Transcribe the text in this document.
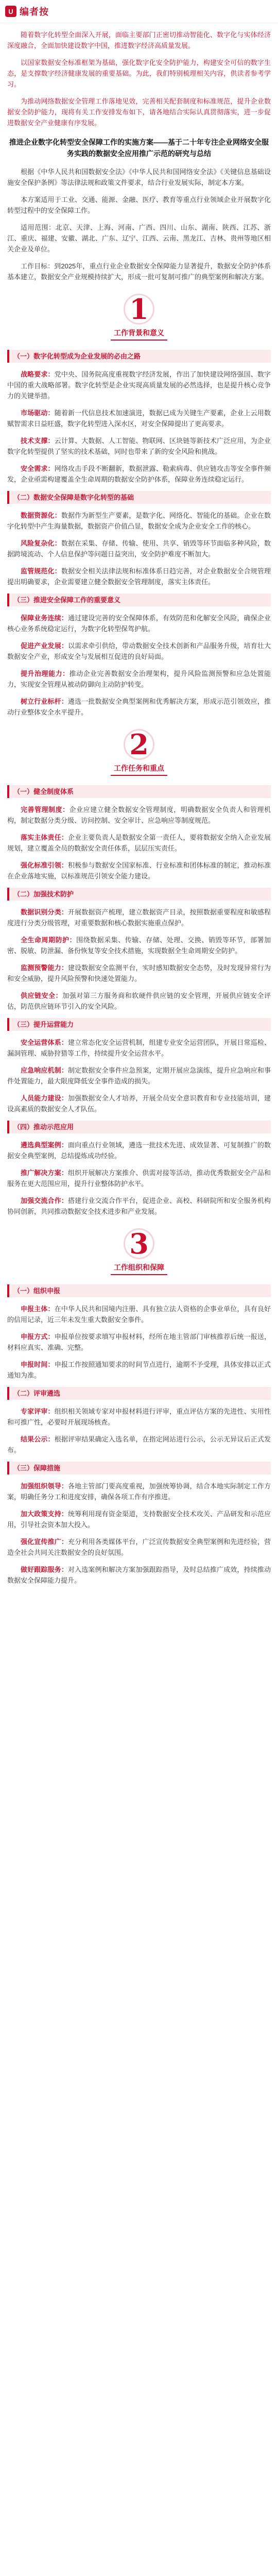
U 编者按

随着数字化转型全面深入开展，面临主要部门正密切推动智能化、数字化与实体经济深度融合，全面加快建设数字中国，推进数字经济高质量发展。

以国家数据安全标准框架为基础，强化数字化安全防护能力，构建安全可信的数字生态，是支撑数字经济健康发展的重要基础。为此，我们特别梳理相关内容，供读者参考学习。

为推动网络数据安全管理工作落地见效，完善相关配套制度和标准规范，提升企业数据安全防护能力，现将有关工作安排发布如下，请各地结合实际认真贯彻落实，进一步促进数据安全产业健康有序发展。

推进企业数字化转型安全保障工作的实施方案——基于二十年专注企业网络安全服务实践的数据安全应用推广示范的研究与总结

根据《中华人民共和国数据安全法》《中华人民共和国网络安全法》《关键信息基础设施安全保护条例》等法律法规和政策文件要求，结合行业发展实际，制定本方案。

本方案适用于工业、交通、能源、金融、医疗、教育等重点行业领域企业开展数字化转型过程中的安全保障工作。

适用范围：北京、天津、上海、河南、广西、四川、山东、湖南、陕西、江苏、浙江、重庆、福建、安徽、湖北、广东、辽宁、江西、云南、黑龙江、吉林、贵州等地区相关企业及单位。

工作目标：到2025年，重点行业企业数据安全保障能力显著提升，数据安全防护体系基本建立，数据安全产业规模持续扩大，形成一批可复制可推广的典型案例和解决方案。

1
工作背景和意义
（一）数字化转型成为企业发展的必由之路

战略要求：党中央、国务院高度重视数字经济发展，作出了加快建设网络强国、数字中国的重大战略部署。数字化转型是企业实现高质量发展的必然选择，也是提升核心竞争力的关键举措。

市场驱动：随着新一代信息技术加速演进，数据已成为关键生产要素，企业上云用数赋智需求日益旺盛，数字化转型进入深水区，对安全保障提出了更高要求。

技术支撑：云计算、大数据、人工智能、物联网、区块链等新技术广泛应用，为企业数字化转型提供了坚实的技术基础，同时也带来了新的安全风险和挑战。

安全需求：网络攻击手段不断翻新，数据泄露、勒索病毒、供应链攻击等安全事件频发，企业亟需构建覆盖全生命周期的数据安全防护体系，保障业务连续稳定运行。

（二）数据安全保障是数字化转型的基础

数据资源化：数据作为新型生产要素，是数字化、网络化、智能化的基础。企业在数字化转型中产生海量数据，数据资产价值凸显，数据安全成为企业安全工作的核心。

风险复杂化：数据在采集、存储、传输、使用、共享、销毁等环节面临多种风险，数据跨境流动、个人信息保护等问题日益突出，安全防护难度不断加大。

监管规范化：数据安全相关法律法规和标准体系日趋完善，对企业数据安全合规管理提出明确要求，企业需要建立健全数据安全管理制度，落实主体责任。

（三）推进安全保障工作的重要意义

保障业务连续：通过建设完善的安全保障体系，有效防范和化解安全风险，确保企业核心业务系统稳定运行，为数字化转型保驾护航。

促进产业发展：以需求牵引供给，带动数据安全技术创新和产品服务升级，培育壮大数据安全产业，形成安全与发展相互促进的良好局面。

提升治理能力：推动企业完善数据安全治理架构，提升风险监测预警和应急处置能力，实现安全管理从被动防御向主动防护转变。

树立行业标杆：遴选一批数据安全典型案例和优秀解决方案，形成示范引领效应，推动行业整体安全水平提升。

2
工作任务和重点
（一）健全制度体系

完善管理制度：企业应建立健全数据安全管理制度，明确数据安全负责人和管理机构，制定数据分类分级、访问控制、安全审计、应急响应等制度规范。

落实主体责任：企业主要负责人是数据安全第一责任人，要将数据安全纳入企业发展规划，建立覆盖全员的数据安全责任体系，层层压实责任。

强化标准引领：积极参与数据安全国家标准、行业标准和团体标准的制定，推动标准在企业落地实施，以标准规范引领安全能力建设。

（二）加强技术防护

数据识别分类：开展数据资产梳理，建立数据资产目录，按照数据重要程度和敏感程度进行分类分级管理，对重要数据和核心数据实施重点保护。

全生命周期防护：围绕数据采集、传输、存储、处理、交换、销毁等环节，部署加密、脱敏、防泄漏、备份恢复等安全技术措施，实现数据全生命周期安全防护。

监测预警能力：建设数据安全监测平台，实时感知数据安全态势，及时发现异常行为和安全威胁，提升风险预警和快速处置能力。

供应链安全：加强对第三方服务商和软硬件供应链的安全管理，开展供应链安全评估，防范供应链环节引入的安全风险。

（三）提升运营能力

安全运营体系：建立常态化安全运营机制，组建专业安全运营团队，开展日常巡检、漏洞管理、威胁狩猎等工作，持续提升安全运营水平。

应急响应机制：制定数据安全事件应急预案，定期开展应急演练，提升应急响应和事件处置能力，最大限度降低安全事件造成的损失。

人员能力建设：加强数据安全人才培养，开展全员安全意识教育和专业技能培训，建设高素质的数据安全人才队伍。

（四）推动示范应用

遴选典型案例：面向重点行业领域，遴选一批技术先进、成效显著、可复制推广的数据安全典型案例，总结提炼成功经验。

推广解决方案：组织开展解决方案推介、供需对接等活动，推动优秀数据安全产品和服务在更大范围应用，提升行业整体防护水平。

加强交流合作：搭建行业交流合作平台，促进企业、高校、科研院所和安全服务机构协同创新，共同推动数据安全技术进步和产业发展。

3
工作组织和保障
（一）组织申报

申报主体：在中华人民共和国境内注册、具有独立法人资格的企事业单位，具有良好的信用记录，近三年未发生重大数据安全事件。

申报方式：申报单位按要求填写申报材料，经所在地主管部门审核推荐后统一报送，材料应真实、准确、完整。

申报时间：申报工作按照通知要求的时间节点进行，逾期不予受理，具体安排以正式通知为准。

（二）评审遴选

专家评审：组织相关领域专家对申报材料进行评审，重点评估方案的先进性、实用性和可推广性，必要时开展现场核查。

结果公示：根据评审结果确定入选名单，在指定网站进行公示，公示无异议后正式发布。

（三）保障措施

加强组织领导：各地主管部门要高度重视，加强统筹协调，结合本地实际制定工作方案，明确任务分工和进度安排，确保各项工作有序推进。

加大政策支持：统筹利用现有资金渠道，支持数据安全技术攻关、产品研发和示范应用，引导社会资本加大投入。

强化宣传推广：充分利用各类媒体平台，广泛宣传数据安全典型案例和先进经验，营造全社会共同关注数据安全的良好氛围。

做好跟踪服务：对入选案例和解决方案加强跟踪指导，及时总结推广成效，持续推动数据安全保障能力提升。
